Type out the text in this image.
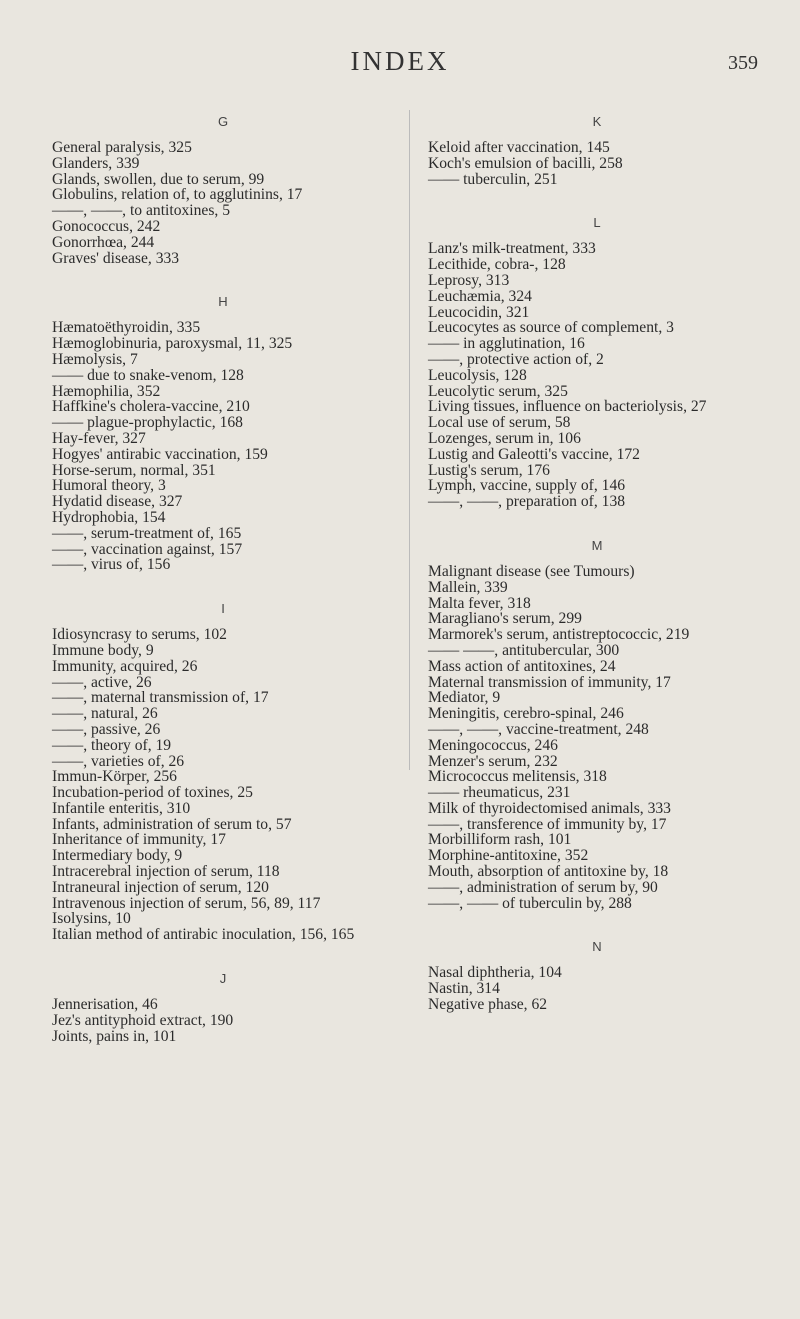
INDEX	359
G
General paralysis, 325
Glanders, 339
Glands, swollen, due to serum, 99
Globulins, relation of, to agglutinins, 17
——, ——, to antitoxines, 5
Gonococcus, 242
Gonorrhœa, 244
Graves' disease, 333
H
Hæmatoëthyroidin, 335
Hæmoglobinuria, paroxysmal, 11, 325
Hæmolysis, 7
—— due to snake-venom, 128
Hæmophilia, 352
Haffkine's cholera-vaccine, 210
—— plague-prophylactic, 168
Hay-fever, 327
Hogyes' antirabic vaccination, 159
Horse-serum, normal, 351
Humoral theory, 3
Hydatid disease, 327
Hydrophobia, 154
——, serum-treatment of, 165
——, vaccination against, 157
——, virus of, 156
I
Idiosyncrasy to serums, 102
Immune body, 9
Immunity, acquired, 26
——, active, 26
——, maternal transmission of, 17
——, natural, 26
——, passive, 26
——, theory of, 19
——, varieties of, 26
Immun-Körper, 256
Incubation-period of toxines, 25
Infantile enteritis, 310
Infants, administration of serum to, 57
Inheritance of immunity, 17
Intermediary body, 9
Intracerebral injection of serum, 118
Intraneural injection of serum, 120
Intravenous injection of serum, 56, 89, 117
Isolysins, 10
Italian method of antirabic inoculation, 156, 165
J
Jennerisation, 46
Jez's antityphoid extract, 190
Joints, pains in, 101
K
Keloid after vaccination, 145
Koch's emulsion of bacilli, 258
—— tuberculin, 251
L
Lanz's milk-treatment, 333
Lecithide, cobra-, 128
Leprosy, 313
Leuchæmia, 324
Leucocidin, 321
Leucocytes as source of complement, 3
—— in agglutination, 16
——, protective action of, 2
Leucolysis, 128
Leucolytic serum, 325
Living tissues, influence on bacteriolysis, 27
Local use of serum, 58
Lozenges, serum in, 106
Lustig and Galeotti's vaccine, 172
Lustig's serum, 176
Lymph, vaccine, supply of, 146
——, ——, preparation of, 138
M
Malignant disease (see Tumours)
Mallein, 339
Malta fever, 318
Maragliano's serum, 299
Marmorek's serum, antistreptococcic, 219
—— ——, antitubercular, 300
Mass action of antitoxines, 24
Maternal transmission of immunity, 17
Mediator, 9
Meningitis, cerebro-spinal, 246
——, ——, vaccine-treatment, 248
Meningococcus, 246
Menzer's serum, 232
Micrococcus melitensis, 318
—— rheumaticus, 231
Milk of thyroidectomised animals, 333
——, transference of immunity by, 17
Morbilliform rash, 101
Morphine-antitoxine, 352
Mouth, absorption of antitoxine by, 18
——, administration of serum by, 90
——, —— of tuberculin by, 288
N
Nasal diphtheria, 104
Nastin, 314
Negative phase, 62
